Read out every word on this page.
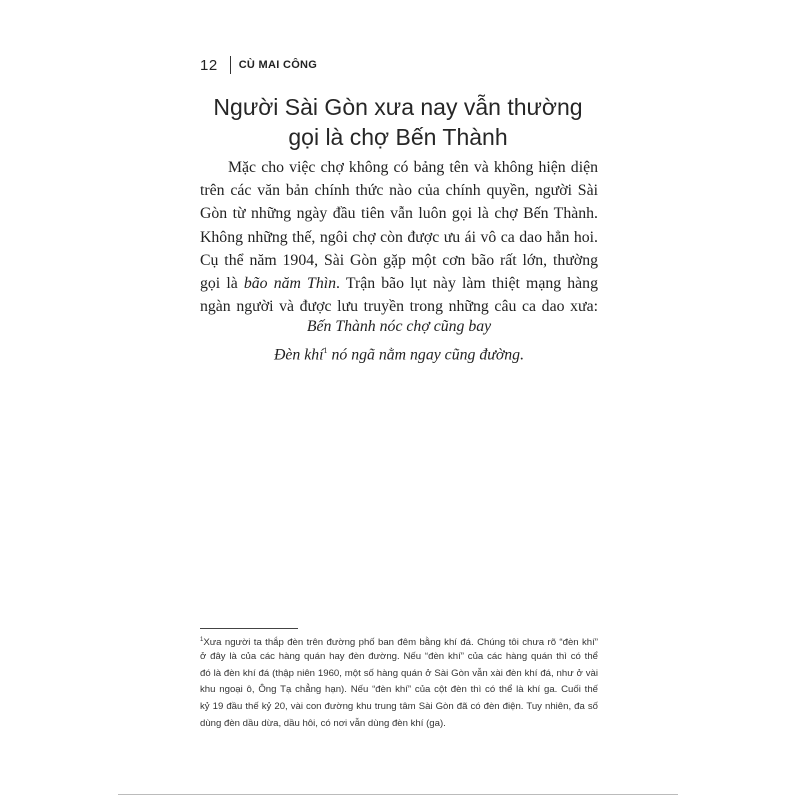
12 CÙ MAI CÔNG
Người Sài Gòn xưa nay vẫn thường
gọi là chợ Bến Thành
Mặc cho việc chợ không có bảng tên và không hiện diện
trên các văn bản chính thức nào của chính quyền, người Sài
Gòn từ những ngày đầu tiên vẫn luôn gọi là chợ Bến Thành.
Không những thế, ngôi chợ còn được ưu ái vô ca dao hẳn hoi.
Cụ thể năm 1904, Sài Gòn gặp một cơn bão rất lớn, thường
gọi là bão năm Thìn. Trận bão lụt này làm thiệt mạng hàng
ngàn người và được lưu truyền trong những câu ca dao xưa:
Bến Thành nóc chợ cũng bay
Đèn khí$^1$ nó ngã nằm ngay cũng đường.
$^1$Xưa người ta thắp đèn trên đường phố ban đêm bằng khí đá. Chúng tôi chưa rõ “đèn khí”
ở đây là của các hàng quán hay đèn đường. Nếu “đèn khí” của các hàng quán thì có thể
đó là đèn khí đá (thập niên 1960, một số hàng quán ở Sài Gòn vẫn xài đèn khí đá, như ở vài
khu ngoại ô, Ông Tạ chẳng hạn). Nếu “đèn khí” của cột đèn thì có thể là khí ga. Cuối thế
kỷ 19 đầu thế kỷ 20, vài con đường khu trung tâm Sài Gòn đã có đèn điện. Tuy nhiên, đa số
dùng đèn dầu dừa, dầu hôi, có nơi vẫn dùng đèn khí (ga).
